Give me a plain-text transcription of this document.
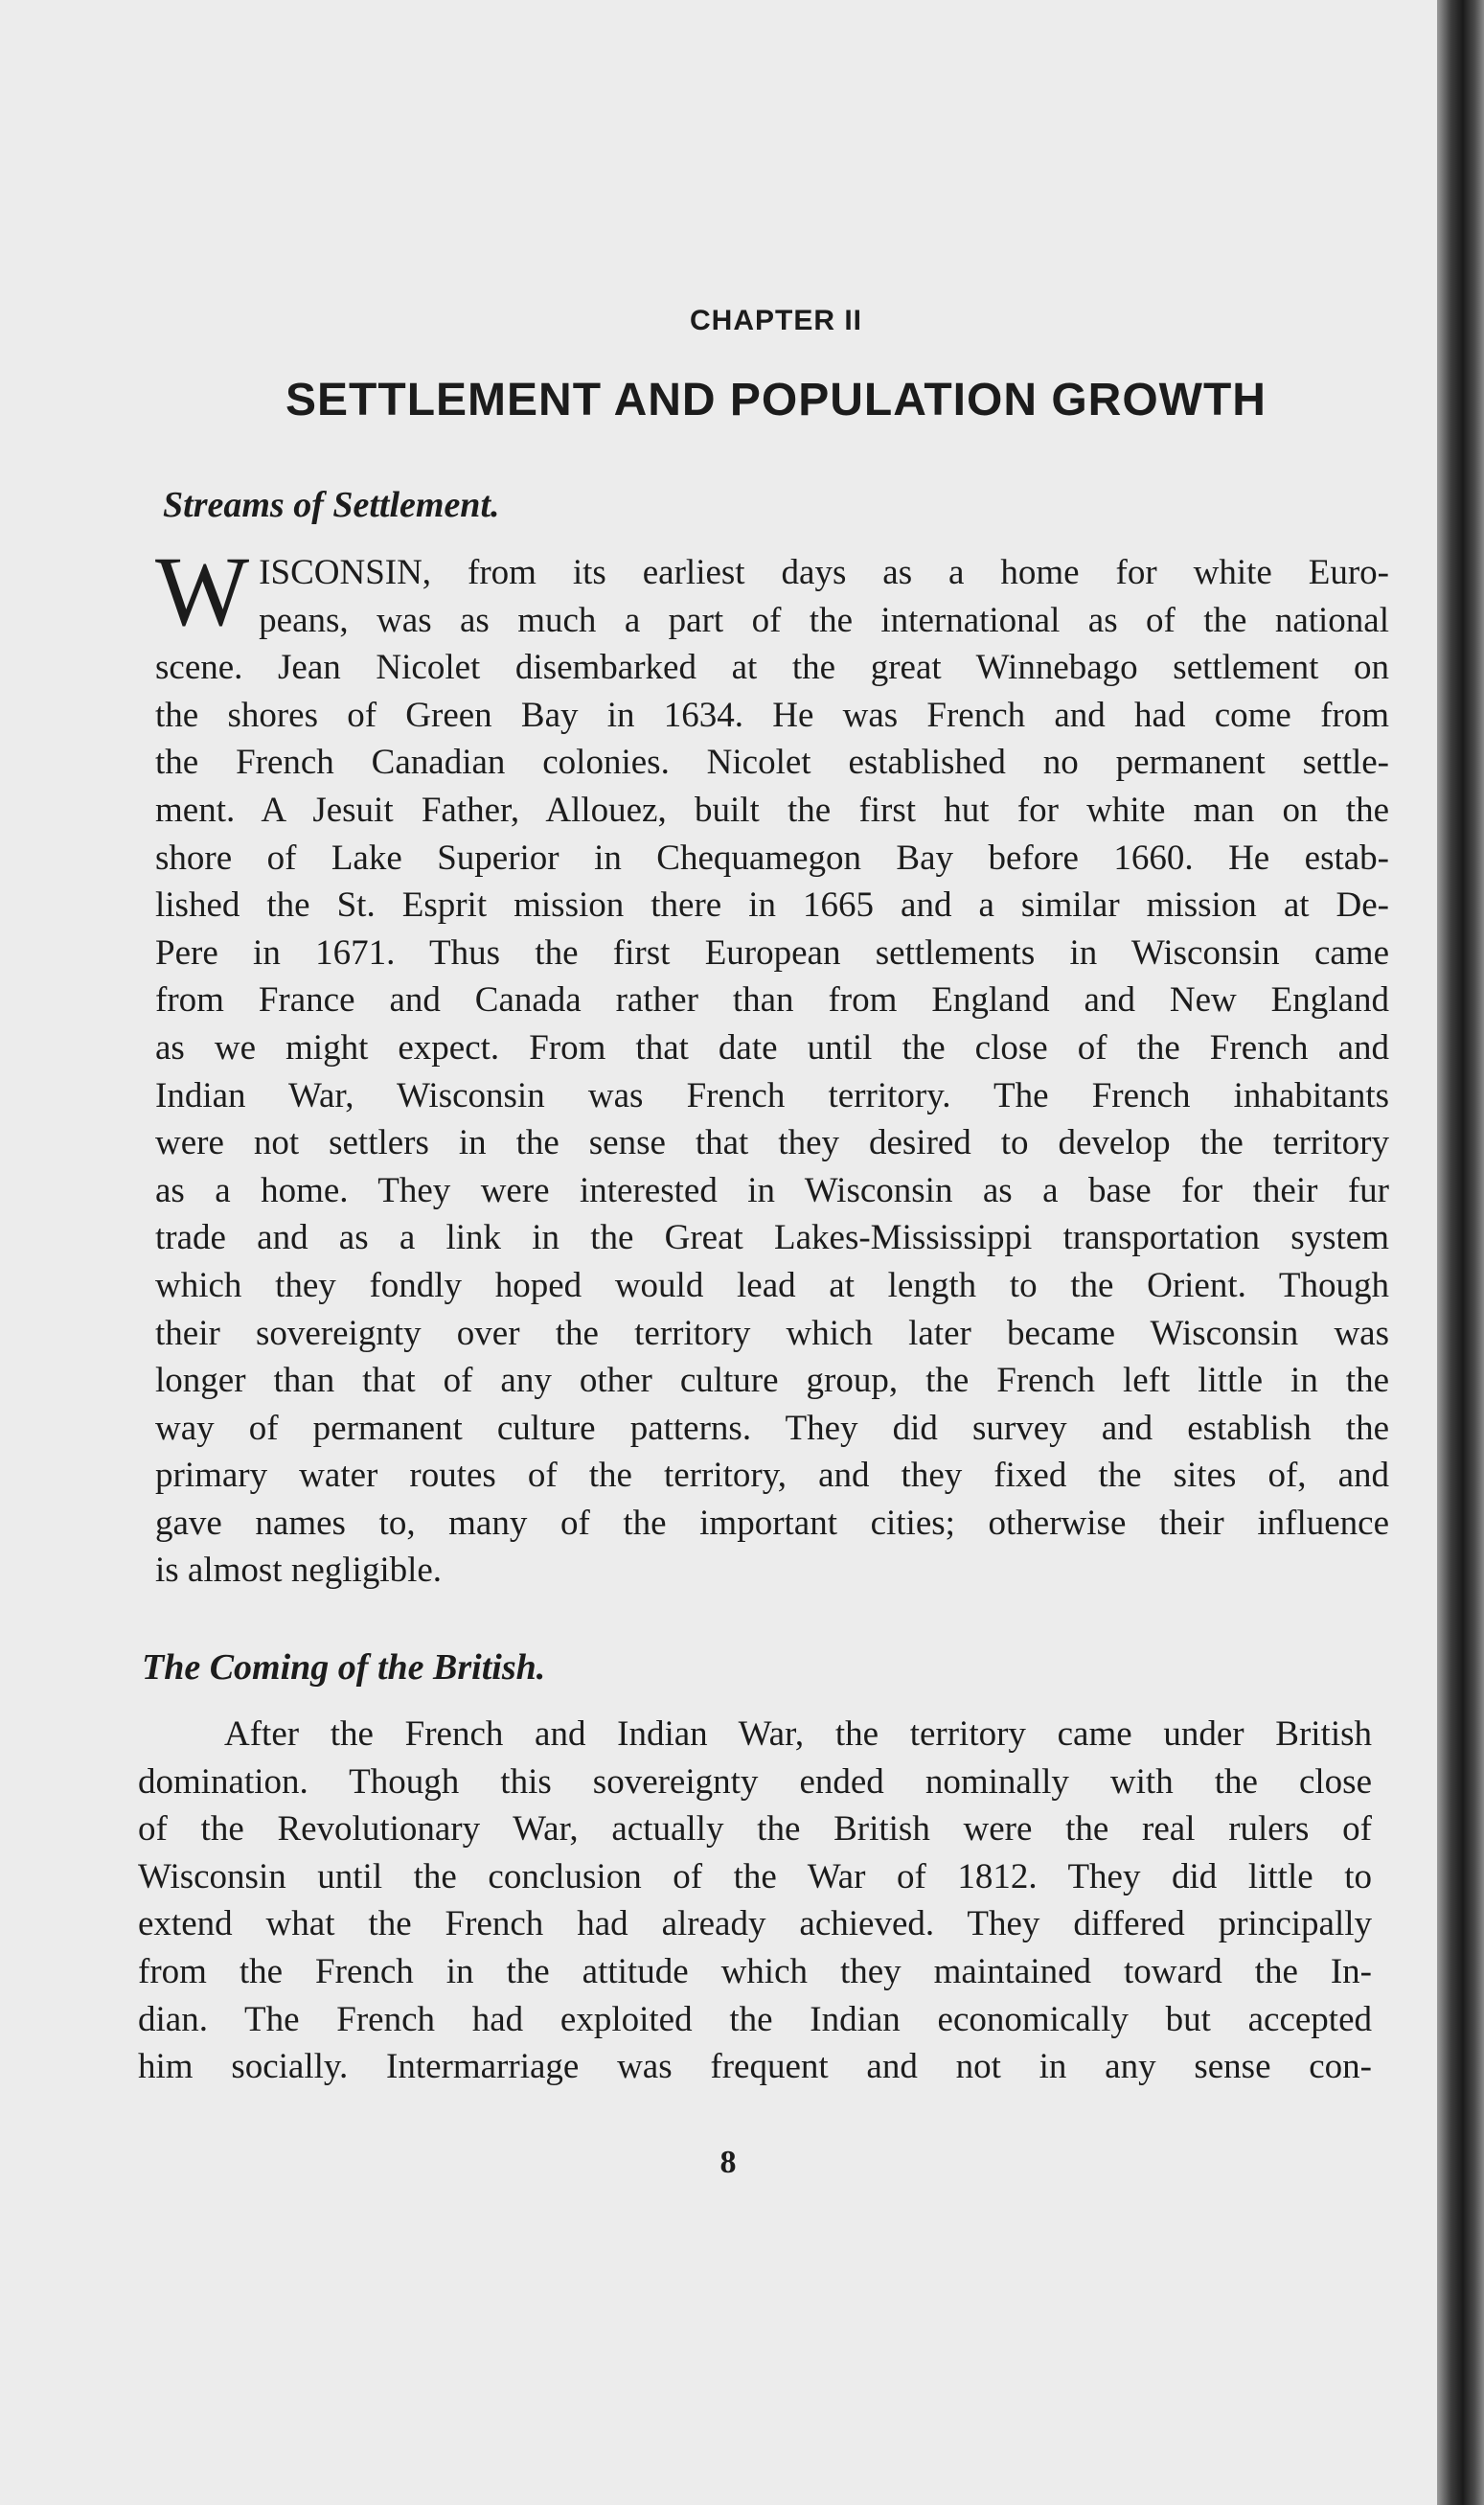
CHAPTER II
SETTLEMENT AND POPULATION GROWTH
Streams of Settlement.
W ISCONSIN, from its earliest days as a home for white Euro-
peans, was as much a part of the international as of the national
scene. Jean Nicolet disembarked at the great Winnebago settlement on
the shores of Green Bay in 1634. He was French and had come from
the French Canadian colonies. Nicolet established no permanent settle-
ment. A Jesuit Father, Allouez, built the first hut for white man on the
shore of Lake Superior in Chequamegon Bay before 1660. He estab-
lished the St. Esprit mission there in 1665 and a similar mission at De-
Pere in 1671. Thus the first European settlements in Wisconsin came
from France and Canada rather than from England and New England
as we might expect. From that date until the close of the French and
Indian War, Wisconsin was French territory. The French inhabitants
were not settlers in the sense that they desired to develop the territory
as a home. They were interested in Wisconsin as a base for their fur
trade and as a link in the Great Lakes-Mississippi transportation system
which they fondly hoped would lead at length to the Orient. Though
their sovereignty over the territory which later became Wisconsin was
longer than that of any other culture group, the French left little in the
way of permanent culture patterns. They did survey and establish the
primary water routes of the territory, and they fixed the sites of, and
gave names to, many of the important cities; otherwise their influence
is almost negligible.
The Coming of the British.
After the French and Indian War, the territory came under British
domination. Though this sovereignty ended nominally with the close
of the Revolutionary War, actually the British were the real rulers of
Wisconsin until the conclusion of the War of 1812. They did little to
extend what the French had already achieved. They differed principally
from the French in the attitude which they maintained toward the In-
dian. The French had exploited the Indian economically but accepted
him socially. Intermarriage was frequent and not in any sense con-
8
